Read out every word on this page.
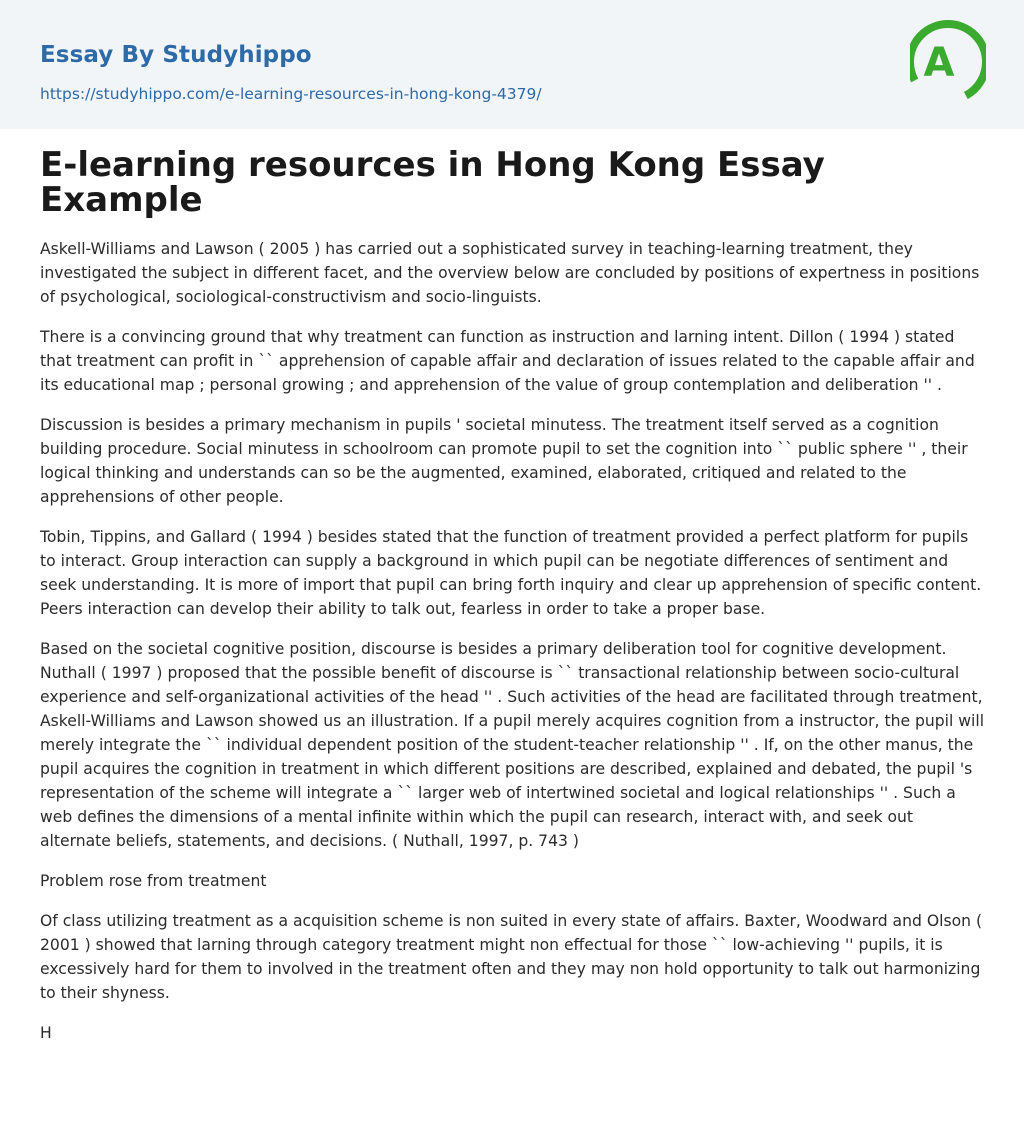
Essay By Studyhippo
https://studyhippo.com/e-learning-resources-in-hong-kong-4379/
A
E-learning resources in Hong Kong Essay Example

Askell-Williams and Lawson ( 2005 ) has carried out a sophisticated survey in teaching-learning treatment, they investigated the subject in different facet, and the overview below are concluded by positions of expertness in positions of psychological, sociological-constructivism and socio-linguists.

There is a convincing ground that why treatment can function as instruction and larning intent. Dillon ( 1994 ) stated that treatment can profit in `` apprehension of capable affair and declaration of issues related to the capable affair and its educational map ; personal growing ; and apprehension of the value of group contemplation and deliberation '' .

Discussion is besides a primary mechanism in pupils ' societal minutess. The treatment itself served as a cognition building procedure. Social minutess in schoolroom can promote pupil to set the cognition into `` public sphere '' , their logical thinking and understands can so be the augmented, examined, elaborated, critiqued and related to the apprehensions of other people.

Tobin, Tippins, and Gallard ( 1994 ) besides stated that the function of treatment provided a perfect platform for pupils to interact. Group interaction can supply a background in which pupil can be negotiate differences of sentiment and seek understanding. It is more of import that pupil can bring forth inquiry and clear up apprehension of specific content. Peers interaction can develop their ability to talk out, fearless in order to take a proper base.

Based on the societal cognitive position, discourse is besides a primary deliberation tool for cognitive development. Nuthall ( 1997 ) proposed that the possible benefit of discourse is `` transactional relationship between socio-cultural experience and self-organizational activities of the head '' . Such activities of the head are facilitated through treatment, Askell-Williams and Lawson showed us an illustration. If a pupil merely acquires cognition from a instructor, the pupil will merely integrate the `` individual dependent position of the student-teacher relationship '' . If, on the other manus, the pupil acquires the cognition in treatment in which different positions are described, explained and debated, the pupil 's representation of the scheme will integrate a `` larger web of intertwined societal and logical relationships '' . Such a web defines the dimensions of a mental infinite within which the pupil can research, interact with, and seek out alternate beliefs, statements, and decisions. ( Nuthall, 1997, p. 743 )

Problem rose from treatment

Of class utilizing treatment as a acquisition scheme is non suited in every state of affairs. Baxter, Woodward and Olson ( 2001 ) showed that larning through category treatment might non effectual for those `` low-achieving '' pupils, it is excessively hard for them to involved in the treatment often and they may non hold opportunity to talk out harmonizing to their shyness.

H
